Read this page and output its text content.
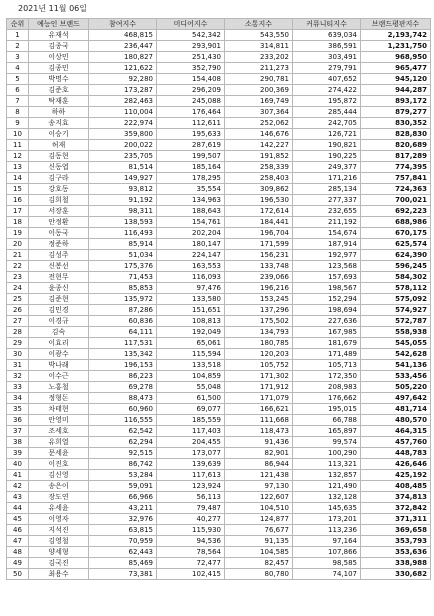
2021년 11월 06일
순위	예능인 브랜드	참여지수	미디어지수	소통지수	커뮤니티지수	브랜드평판지수
1	유재석	468,815	542,342	543,550	639,034	2,193,742
2	김종국	236,447	293,901	314,811	386,591	1,231,750
3	이상민	180,827	251,430	233,202	303,491	968,950
4	김종민	121,622	352,790	211,273	279,791	965,477
5	박명수	92,280	154,408	290,781	407,652	945,120
6	김준호	173,287	296,209	200,369	274,422	944,287
7	탁재훈	282,463	245,088	169,749	195,872	893,172
8	하하	110,004	176,464	307,364	285,444	879,277
9	송지효	222,974	112,611	252,062	242,705	830,352
10	이승기	359,800	195,633	146,676	126,721	828,830
11	허재	200,022	287,619	142,227	190,821	820,689
12	김동현	235,705	199,507	191,852	190,225	817,289
13	신동엽	81,514	185,164	258,339	249,377	774,395
14	김구라	149,927	178,295	258,403	171,216	757,841
15	강호동	93,812	35,554	309,862	285,134	724,363
16	김희철	91,192	134,963	196,530	277,337	700,021
17	서장훈	98,311	188,643	172,614	232,655	692,223
18	안정환	138,593	154,761	184,441	211,192	688,986
19	이동국	116,493	202,204	196,704	154,674	670,175
20	정준하	85,914	180,147	171,599	187,914	625,574
21	김성주	51,034	224,147	156,231	192,977	624,390
22	신봉선	175,376	163,553	133,748	123,568	596,245
23	전현무	71,453	116,093	239,066	157,693	584,302
24	윤종신	85,853	97,476	196,216	198,567	578,112
25	김준현	135,972	133,580	153,245	152,294	575,092
26	김민경	87,286	151,651	137,296	198,694	574,927
27	이경규	60,836	108,813	175,502	227,636	572,787
28	김숙	64,111	192,049	134,793	167,985	558,938
29	이효리	117,531	65,061	180,785	181,679	545,055
30	이광수	135,342	115,594	120,203	171,489	542,628
31	박나래	196,153	133,518	105,752	105,713	541,136
32	이수근	86,223	104,859	171,302	172,350	533,456
33	노홍철	69,278	55,048	171,912	208,983	505,220
34	정형돈	88,473	61,500	171,079	176,662	497,642
35	차태현	60,960	69,077	166,621	195,015	481,714
36	안영미	116,555	185,559	111,668	66,788	480,570
37	조세호	62,542	117,403	118,473	165,897	464,315
38	유희열	62,294	204,455	91,436	99,574	457,760
39	문세윤	92,515	173,077	82,901	100,290	448,783
40	이진호	86,742	139,639	86,944	113,321	426,646
41	김신영	53,284	117,613	121,438	132,857	425,192
42	송은이	59,091	123,924	97,130	121,490	408,485
43	장도연	66,966	56,113	122,607	132,128	374,813
44	유세윤	43,211	79,487	104,510	145,635	372,842
45	이영자	32,976	40,277	124,877	173,201	371,311
46	지석진	63,815	115,930	76,677	113,236	369,658
47	김영철	70,959	94,536	91,135	97,164	353,793
48	양세형	62,443	78,564	104,585	107,866	353,636
49	김국진	85,469	72,477	82,457	98,585	338,988
50	최용수	73,381	102,415	80,780	74,107	330,682
